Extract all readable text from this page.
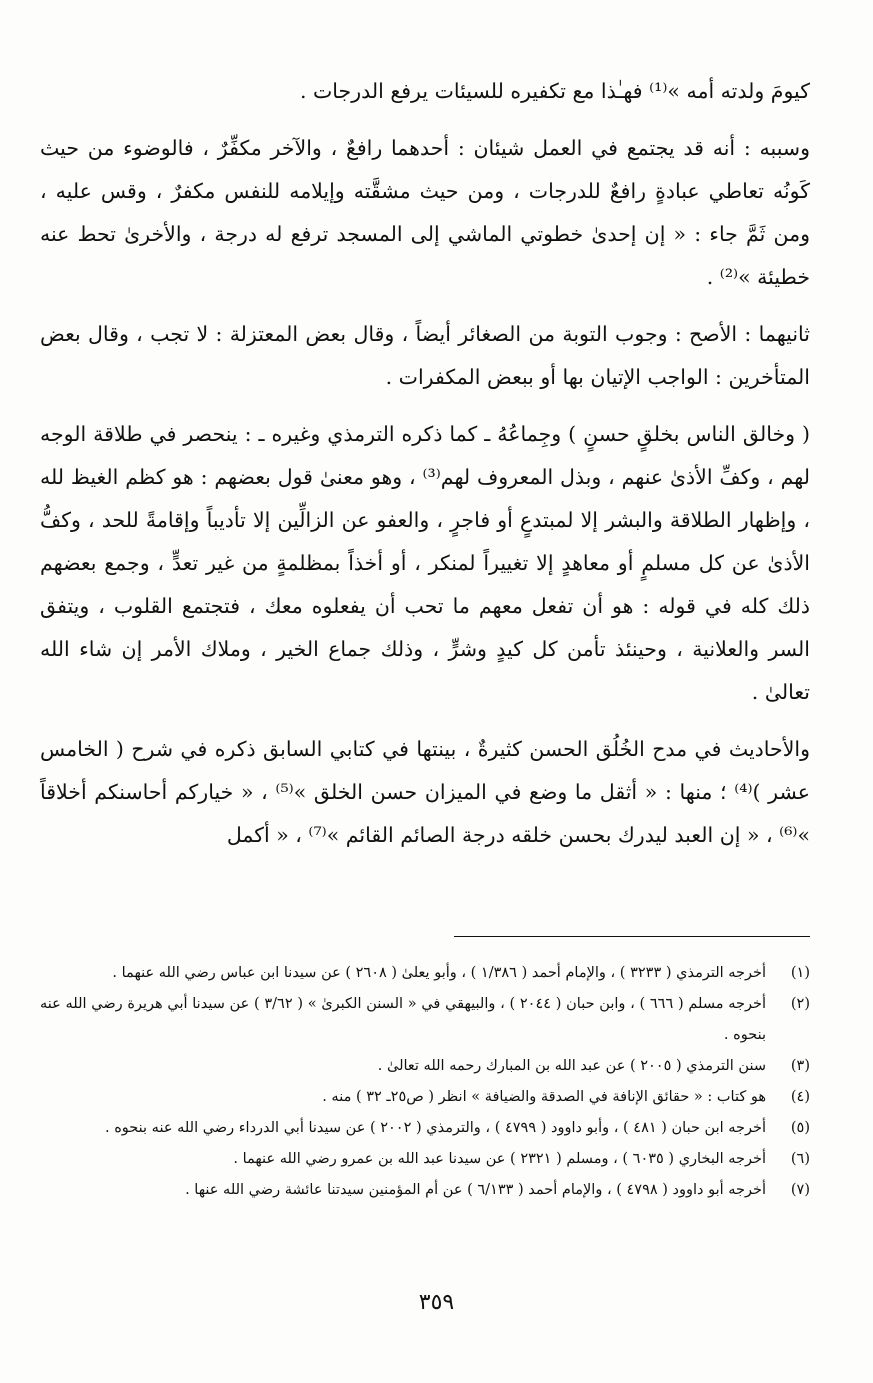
كيومَ ولدته أمه »⁽¹⁾ فهـٰذا مع تكفيره للسيئات يرفع الدرجات .

وسببه : أنه قد يجتمع في العمل شيئان : أحدهما رافعٌ ، والآخر مكفِّرٌ ، فالوضوء من حيث كَونُه تعاطي عبادةٍ رافعٌ للدرجات ، ومن حيث مشقَّته وإيلامه للنفس مكفرٌ ، وقس عليه ، ومن ثَمَّ جاء : « إن إحدىٰ خطوتي الماشي إلى المسجد ترفع له درجة ، والأخرىٰ تحط عنه خطيئة »⁽²⁾ .

ثانيهما : الأصح : وجوب التوبة من الصغائر أيضاً ، وقال بعض المعتزلة : لا تجب ، وقال بعض المتأخرين : الواجب الإتيان بها أو ببعض المكفرات .

( وخالق الناس بخلقٍ حسنٍ ) وجِماعُهُ ـ كما ذكره الترمذي وغيره ـ : ينحصر في طلاقة الوجه لهم ، وكفِّ الأذىٰ عنهم ، وبذل المعروف لهم⁽³⁾ ، وهو معنىٰ قول بعضهم : هو كظم الغيظ لله ، وإظهار الطلاقة والبشر إلا لمبتدعٍ أو فاجرٍ ، والعفو عن الزالِّين إلا تأديباً وإقامةً للحد ، وكفُّ الأذىٰ عن كل مسلمٍ أو معاهدٍ إلا تغييراً لمنكر ، أو أخذاً بمظلمةٍ من غير تعدٍّ ، وجمع بعضهم ذلك كله في قوله : هو أن تفعل معهم ما تحب أن يفعلوه معك ، فتجتمع القلوب ، ويتفق السر والعلانية ، وحينئذ تأمن كل كيدٍ وشرٍّ ، وذلك جماع الخير ، وملاك الأمر إن شاء الله تعالىٰ .

والأحاديث في مدح الخُلُق الحسن كثيرةٌ ، بينتها في كتابي السابق ذكره في شرح ( الخامس عشر )⁽⁴⁾ ؛ منها : « أثقل ما وضع في الميزان حسن الخلق »⁽⁵⁾ ، « خياركم أحاسنكم أخلاقاً »⁽⁶⁾ ، « إن العبد ليدرك بحسن خلقه درجة الصائم القائم »⁽⁷⁾ ، « أكمل

(١)
أخرجه الترمذي ( ٣٢٣٣ ) ، والإمام أحمد ( ١/٣٨٦ ) ، وأبو يعلىٰ ( ٢٦٠٨ ) عن سيدنا ابن عباس رضي الله عنهما .
(٢)
أخرجه مسلم ( ٦٦٦ ) ، وابن حبان ( ٢٠٤٤ ) ، والبيهقي في « السنن الكبرىٰ » ( ٣/٦٢ ) عن سيدنا أبي هريرة رضي الله عنه بنحوه .
(٣)
سنن الترمذي ( ٢٠٠٥ ) عن عبد الله بن المبارك رحمه الله تعالىٰ .
(٤)
هو كتاب : « حقائق الإنافة في الصدقة والضيافة » انظر ( ص٢٥ـ ٣٢ ) منه .
(٥)
أخرجه ابن حبان ( ٤٨١ ) ، وأبو داوود ( ٤٧٩٩ ) ، والترمذي ( ٢٠٠٢ ) عن سيدنا أبي الدرداء رضي الله عنه بنحوه .
(٦)
أخرجه البخاري ( ٦٠٣٥ ) ، ومسلم ( ٢٣٢١ ) عن سيدنا عبد الله بن عمرو رضي الله عنهما .
(٧)
أخرجه أبو داوود ( ٤٧٩٨ ) ، والإمام أحمد ( ٦/١٣٣ ) عن أم المؤمنين سيدتنا عائشة رضي الله عنها .
٣٥٩
